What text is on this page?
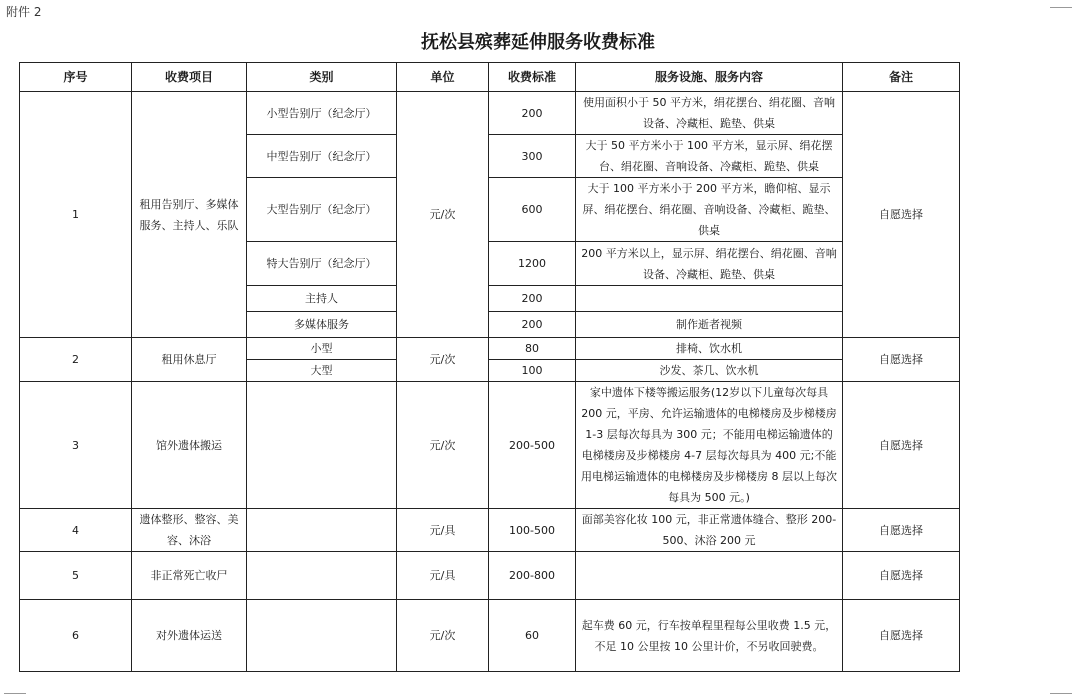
附件 2
抚松县殡葬延伸服务收费标准
序号	收费项目	类别	单位	收费标准	服务设施、服务内容	备注
1	租用告别厅、多媒体服务、主持人、乐队	小型告别厅（纪念厅）	元/次	200	使用面积小于 50 平方米，绢花摆台、绢花圈、音响设备、冷藏柜、跪垫、供桌	自愿选择
		中型告别厅（纪念厅）		300	大于 50 平方米小于 100 平方米，显示屏、绢花摆台、绢花圈、音响设备、冷藏柜、跪垫、供桌	
		大型告别厅（纪念厅）		600	大于 100 平方米小于 200 平方米，瞻仰棺、显示屏、绢花摆台、绢花圈、音响设备、冷藏柜、跪垫、供桌	
		特大告别厅（纪念厅）		1200	200 平方米以上，显示屏、绢花摆台、绢花圈、音响设备、冷藏柜、跪垫、供桌	
		主持人		200		
		多媒体服务		200	制作逝者视频	
2	租用休息厅	小型	元/次	80	排椅、饮水机	自愿选择
		大型		100	沙发、茶几、饮水机	
3	馆外遗体搬运		元/次	200-500	家中遗体下楼等搬运服务(12岁以下儿童每次每具 200 元，平房、允许运输遗体的电梯楼房及步梯楼房 1-3 层每次每具为 300 元；不能用电梯运输遗体的电梯楼房及步梯楼房 4-7 层每次每具为 400 元;不能用电梯运输遗体的电梯楼房及步梯楼房 8 层以上每次每具为 500 元。)	自愿选择
4	遗体整形、整容、美容、沐浴		元/具	100-500	面部美容化妆 100 元，非正常遗体缝合、整形 200-500、沐浴 200 元	自愿选择
5	非正常死亡收尸		元/具	200-800		自愿选择
6	对外遗体运送		元/次	60	起车费 60 元，行车按单程里程每公里收费 1.5 元，不足 10 公里按 10 公里计价，不另收回驶费。	自愿选择
